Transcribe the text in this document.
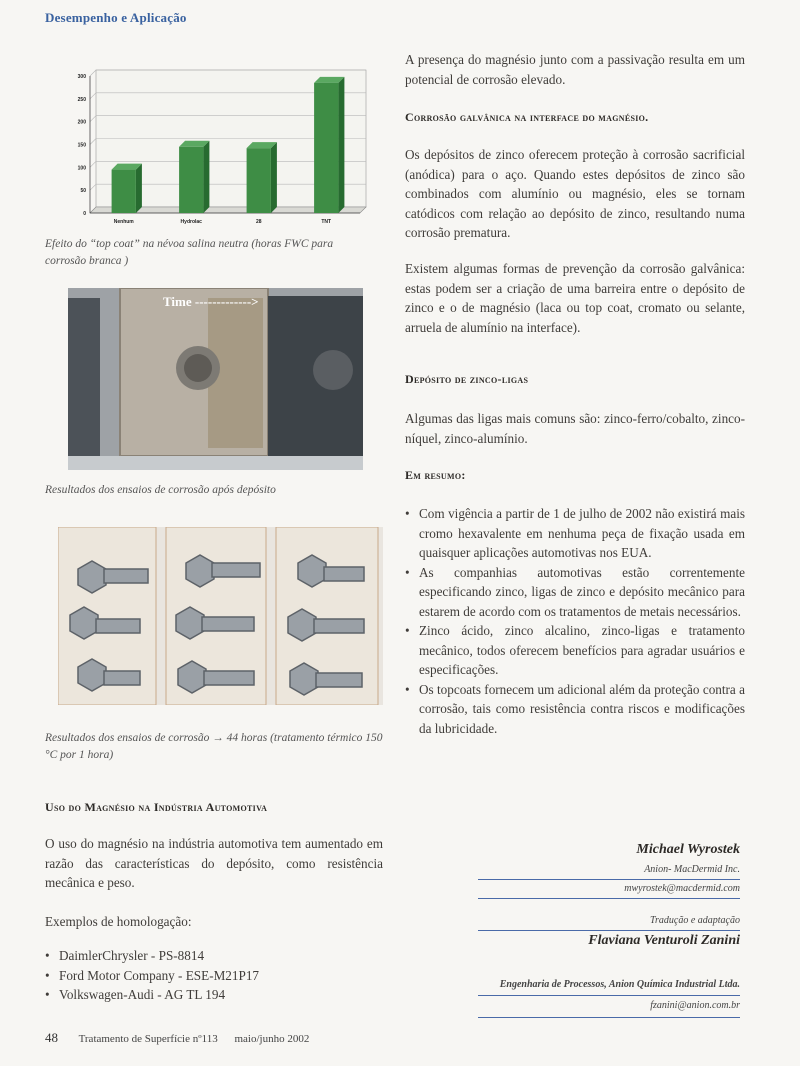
Desempenho e Aplicação
0
50
100
150
200
250
300
Nenhum	Hydrolac	28	TNT
Efeito do “top coat” na névoa salina neutra (horas FWC para corrosão branca )
Time ------------->
Resultados dos ensaios de corrosão após depósito
Resultados dos ensaios de corrosão → 44 horas (tratamento térmico 150 °C por 1 hora)
Uso do Magnésio na Indústria Automotiva
O uso do magnésio na indústria automotiva tem aumentado em razão das características do depósito, como resistência mecânica e peso.
Exemplos de homologação:
• DaimlerChrysler - PS-8814
• Ford Motor Company - ESE-M21P17
• Volkswagen-Audi - AG TL 194
A presença do magnésio junto com a passivação resulta em um potencial de corrosão elevado.
Corrosão galvânica na interface do magnésio.
Os depósitos de zinco oferecem proteção à corrosão sacrificial (anódica) para o aço. Quando estes depósitos de zinco são combinados com alumínio ou magnésio, eles se tornam catódicos com relação ao depósito de zinco, resultando numa corrosão prematura.
Existem algumas formas de prevenção da corrosão galvânica: estas podem ser a criação de uma barreira entre o depósito de zinco e o de magnésio (laca ou top coat, cromato ou selante, arruela de alumínio na interface).
Depósito de zinco-ligas
Algumas das ligas mais comuns são: zinco-ferro/cobalto, zinco-níquel, zinco-alumínio.
Em resumo:
• Com vigência a partir de 1 de julho de 2002 não existirá mais cromo hexavalente em nenhuma peça de fixação usada em quaisquer aplicações automotivas nos EUA.
• As companhias automotivas estão correntemente especificando zinco, ligas de zinco e depósito mecânico para estarem de acordo com os tratamentos de metais necessários.
• Zinco ácido, zinco alcalino, zinco-ligas e tratamento mecânico, todos oferecem benefícios para agradar usuários e especificações.
• Os topcoats fornecem um adicional além da proteção contra a corrosão, tais como resistência contra riscos e modificações da lubricidade.
Michael Wyrostek
Anion- MacDermid Inc.
mwyrostek@macdermid.com
Tradução e adaptação
Flaviana Venturoli Zanini
Engenharia de Processos, Anion Química Industrial Ltda.
fzanini@anion.com.br
48 Tratamento de Superfície nº113 maio/junho 2002
